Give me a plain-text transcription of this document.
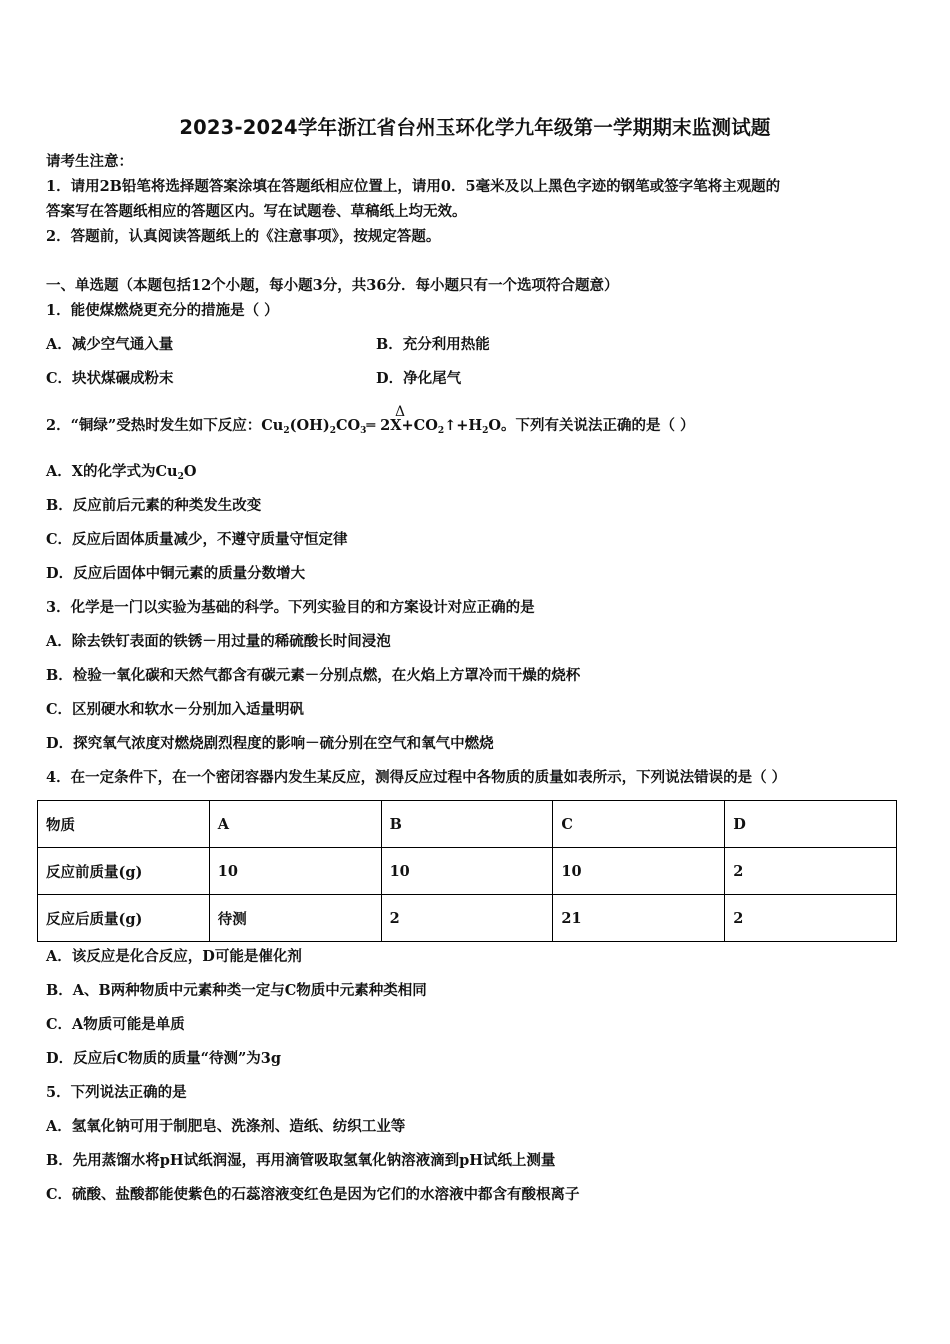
2023-2024学年浙江省台州玉环化学九年级第一学期期末监测试题
请考生注意：
1．请用2B铅笔将选择题答案涂填在答题纸相应位置上，请用0．5毫米及以上黑色字迹的钢笔或签字笔将主观题的
答案写在答题纸相应的答题区内。写在试题卷、草稿纸上均无效。
2．答题前，认真阅读答题纸上的《注意事项》，按规定答题。
一、单选题（本题包括12个小题，每小题3分，共36分．每小题只有一个选项符合题意）
1．能使煤燃烧更充分的措施是（ ）
A．减少空气通入量	B．充分利用热能
C．块状煤碾成粉末	D．净化尾气
Δ
2．“铜绿”受热时发生如下反应：$Cu_2(OH)_2CO_3═$ $2X+CO_2↑+H_2O$。下列有关说法正确的是（ ）
A．X的化学式为$Cu_2O$
B．反应前后元素的种类发生改变
C．反应后固体质量减少，不遵守质量守恒定律
D．反应后固体中铜元素的质量分数增大
3．化学是一门以实验为基础的科学。下列实验目的和方案设计对应正确的是
A．除去铁钉表面的铁锈－用过量的稀硫酸长时间浸泡
B．检验一氧化碳和天然气都含有碳元素－分别点燃，在火焰上方罩冷而干燥的烧杯
C．区别硬水和软水－分别加入适量明矾
D．探究氧气浓度对燃烧剧烈程度的影响－硫分别在空气和氧气中燃烧
4．在一定条件下，在一个密闭容器内发生某反应，测得反应过程中各物质的质量如表所示，下列说法错误的是（ ）
物质	A	B	C	D
反应前质量(g)	10	10	10	2
反应后质量(g)	待测	2	21	2
A．该反应是化合反应，D可能是催化剂
B．A、B两种物质中元素种类一定与C物质中元素种类相同
C．A物质可能是单质
D．反应后C物质的质量“待测”为3g
5．下列说法正确的是
A．氢氧化钠可用于制肥皂、洗涤剂、造纸、纺织工业等
B．先用蒸馏水将pH试纸润湿，再用滴管吸取氢氧化钠溶液滴到pH试纸上测量
C．硫酸、盐酸都能使紫色的石蕊溶液变红色是因为它们的水溶液中都含有酸根离子
